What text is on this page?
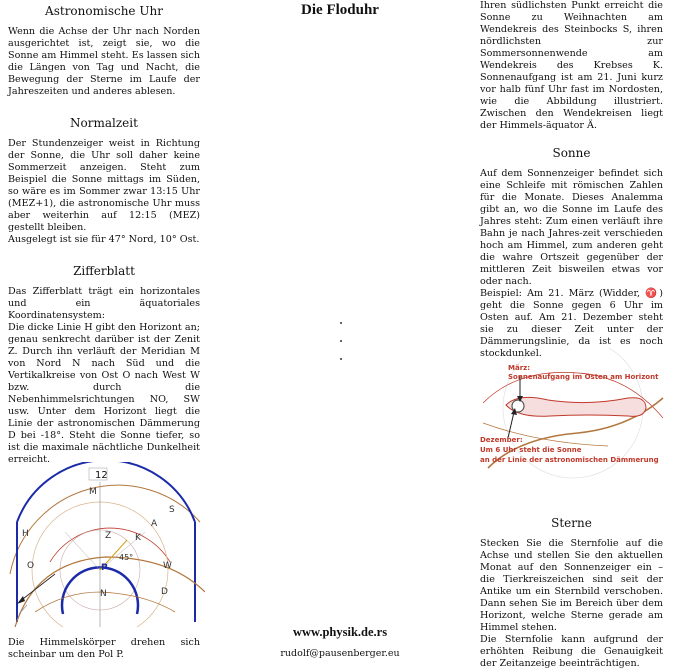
Astronomische Uhr

Wenn die Achse der Uhr nach Norden ausgerichtet ist, zeigt sie, wo die Sonne am Himmel steht. Es lassen sich die Längen von Tag und Nacht, die Bewegung der Sterne im Laufe der Jahreszeiten und anderes ablesen.

Normalzeit

Der Stundenzeiger weist in Richtung der Sonne, die Uhr soll daher keine Sommerzeit anzeigen. Steht zum Beispiel die Sonne mittags im Süden, so wäre es im Sommer zwar 13:15 Uhr (MEZ+1), die astronomische Uhr muss aber weiterhin auf 12:15 (MEZ) gestellt bleiben.

Ausgelegt ist sie für 47° Nord, 10° Ost.

Zifferblatt

Das Zifferblatt trägt ein horizontales und ein äquatoriales Koordinatensystem:

Die dicke Linie H gibt den Horizont an; genau senkrecht darüber ist der Zenit Z. Durch ihn verläuft der Meridian M von Nord N nach Süd und die Vertikalkreise von Ost O nach West W bzw. durch die Nebenhimmelsrichtungen NO, SW usw. Unter dem Horizont liegt die Linie der astronomischen Dämmerung D bei -18°. Steht die Sonne tiefer, so ist die maximale nächtliche Dunkelheit erreicht.

12
M
S
H
A
Z	K
O	W
P
45°
N	D

Die Himmelskörper drehen sich scheinbar um den Pol P.

Die Floduhr
www.physik.de.rs
rudolf@pausenberger.eu

Ihren südlichsten Punkt erreicht die Sonne zu Weihnachten am Wendekreis des Steinbocks S, ihren nördlichsten zur Sommersonnenwende am Wendekreis des Krebses K. Sonnenaufgang ist am 21. Juni kurz vor halb fünf Uhr fast im Nordosten, wie die Abbildung illustriert. Zwischen den Wendekreisen liegt der Himmels-äquator Ä.

Sonne

Auf dem Sonnenzeiger befindet sich eine Schleife mit römischen Zahlen für die Monate. Dieses Analemma gibt an, wo die Sonne im Laufe des Jahres steht: Zum einen verläuft ihre Bahn je nach Jahres-zeit verschieden hoch am Himmel, zum anderen geht die wahre Ortszeit gegenüber der mittleren Zeit bisweilen etwas vor oder nach.

Beispiel: Am 21. März (Widder, ♈) geht die Sonne gegen 6 Uhr im Osten auf. Am 21. Dezember steht sie zu dieser Zeit unter der Dämmerungslinie, da ist es noch stockdunkel.

März:
Sonnenaufgang im Osten am Horizont
Dezember:
Um 6 Uhr steht die Sonne
an der Linie der astronomischen Dämmerung
Sterne

Stecken Sie die Sternfolie auf die Achse und stellen Sie den aktuellen Monat auf den Sonnenzeiger ein – die Tierkreiszeichen sind seit der Antike um ein Sternbild verschoben. Dann sehen Sie im Bereich über dem Horizont, welche Sterne gerade am Himmel stehen.

Die Sternfolie kann aufgrund der erhöhten Reibung die Genauigkeit der Zeitanzeige beeinträchtigen.
